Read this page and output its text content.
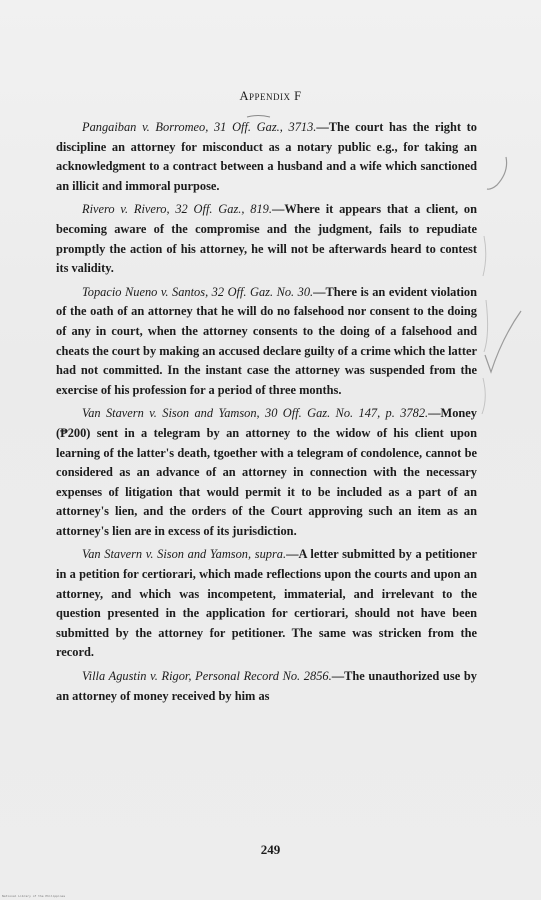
Appendix F

Pangaiban v. Borromeo, 31 Off. Gaz., 3713.—The court has the right to discipline an attorney for misconduct as a notary public e.g., for taking an acknowledgment to a contract between a husband and a wife which sanctioned an illicit and immoral purpose.

Rivero v. Rivero, 32 Off. Gaz., 819.—Where it appears that a client, on becoming aware of the compromise and the judgment, fails to repudiate promptly the action of his attorney, he will not be afterwards heard to contest its validity.

Topacio Nueno v. Santos, 32 Off. Gaz. No. 30.—There is an evident violation of the oath of an attorney that he will do no falsehood nor consent to the doing of any in court, when the attorney consents to the doing of a falsehood and cheats the court by making an accused declare guilty of a crime which the latter had not committed. In the instant case the attorney was suspended from the exercise of his profession for a period of three months.

Van Stavern v. Sison and Yamson, 30 Off. Gaz. No. 147, p. 3782.—Money (₱200) sent in a telegram by an attorney to the widow of his client upon learning of the latter's death, tgoether with a telegram of condolence, cannot be considered as an advance of an attorney in connection with the necessary expenses of litigation that would permit it to be included as a part of an attorney's lien, and the orders of the Court approving such an item as an attorney's lien are in excess of its jurisdiction.

Van Stavern v. Sison and Yamson, supra.—A letter submitted by a petitioner in a petition for certiorari, which made reflections upon the courts and upon an attorney, and which was incompetent, immaterial, and irrelevant to the question presented in the application for certiorari, should not have been submitted by the attorney for petitioner. The same was stricken from the record.

Villa Agustin v. Rigor, Personal Record No. 2856.—The unauthorized use by an attorney of money received by him as

249
National Library of the Philippines
